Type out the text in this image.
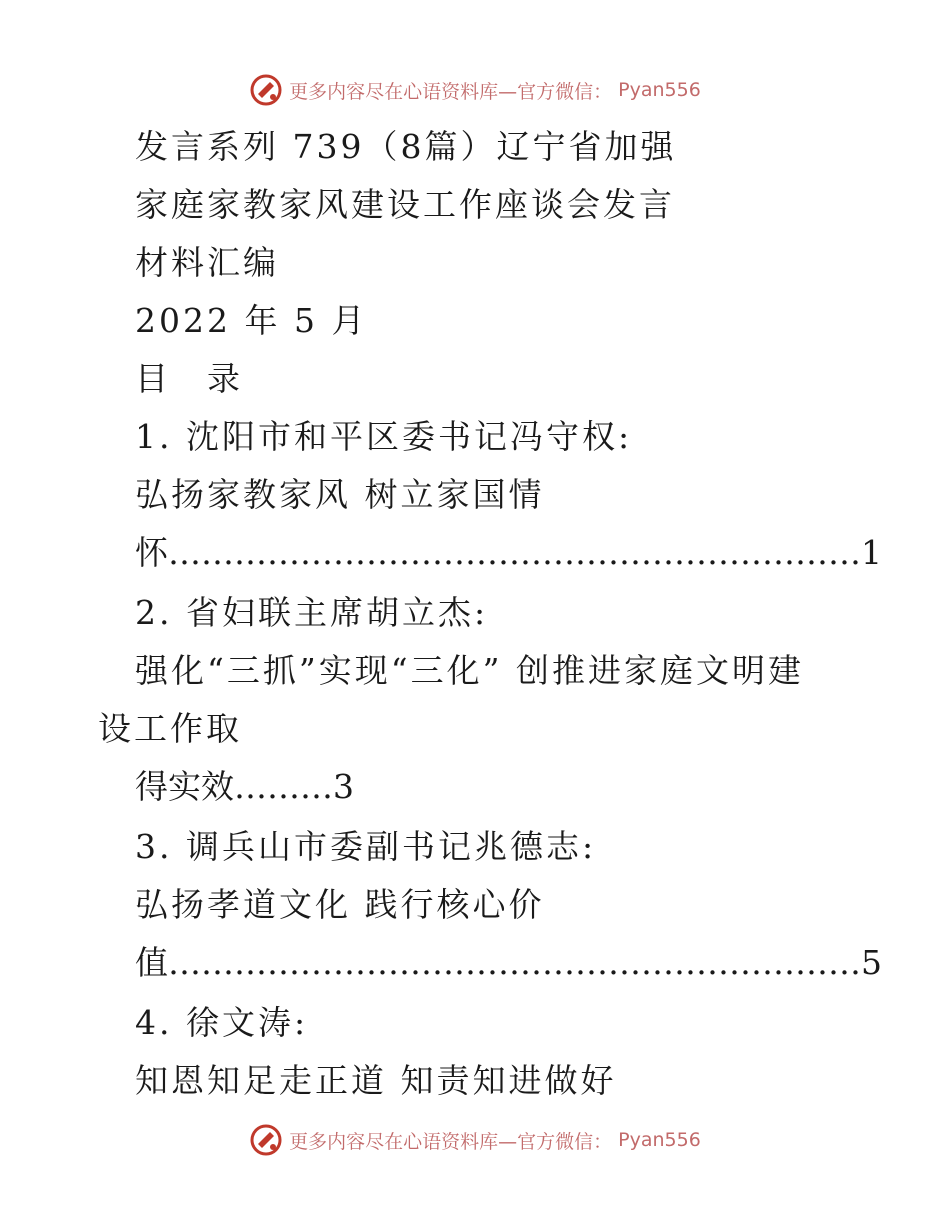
更多内容尽在心语资料库—官方微信： Pyan556
发言系列 739（8篇）辽宁省加强
家庭家教家风建设工作座谈会发言
材料汇编
2022 年 5 月
目　录
1. 沈阳市和平区委书记冯守权:
弘扬家教家风 树立家国情
怀………………………………………………………1
2. 省妇联主席胡立杰:
强化“三抓”实现“三化” 创推进家庭文明建
设工作取
得实效………3
3. 调兵山市委副书记兆德志:
弘扬孝道文化 践行核心价
值………………………………………………………5
4. 徐文涛:
知恩知足走正道 知责知进做好
更多内容尽在心语资料库—官方微信： Pyan556
